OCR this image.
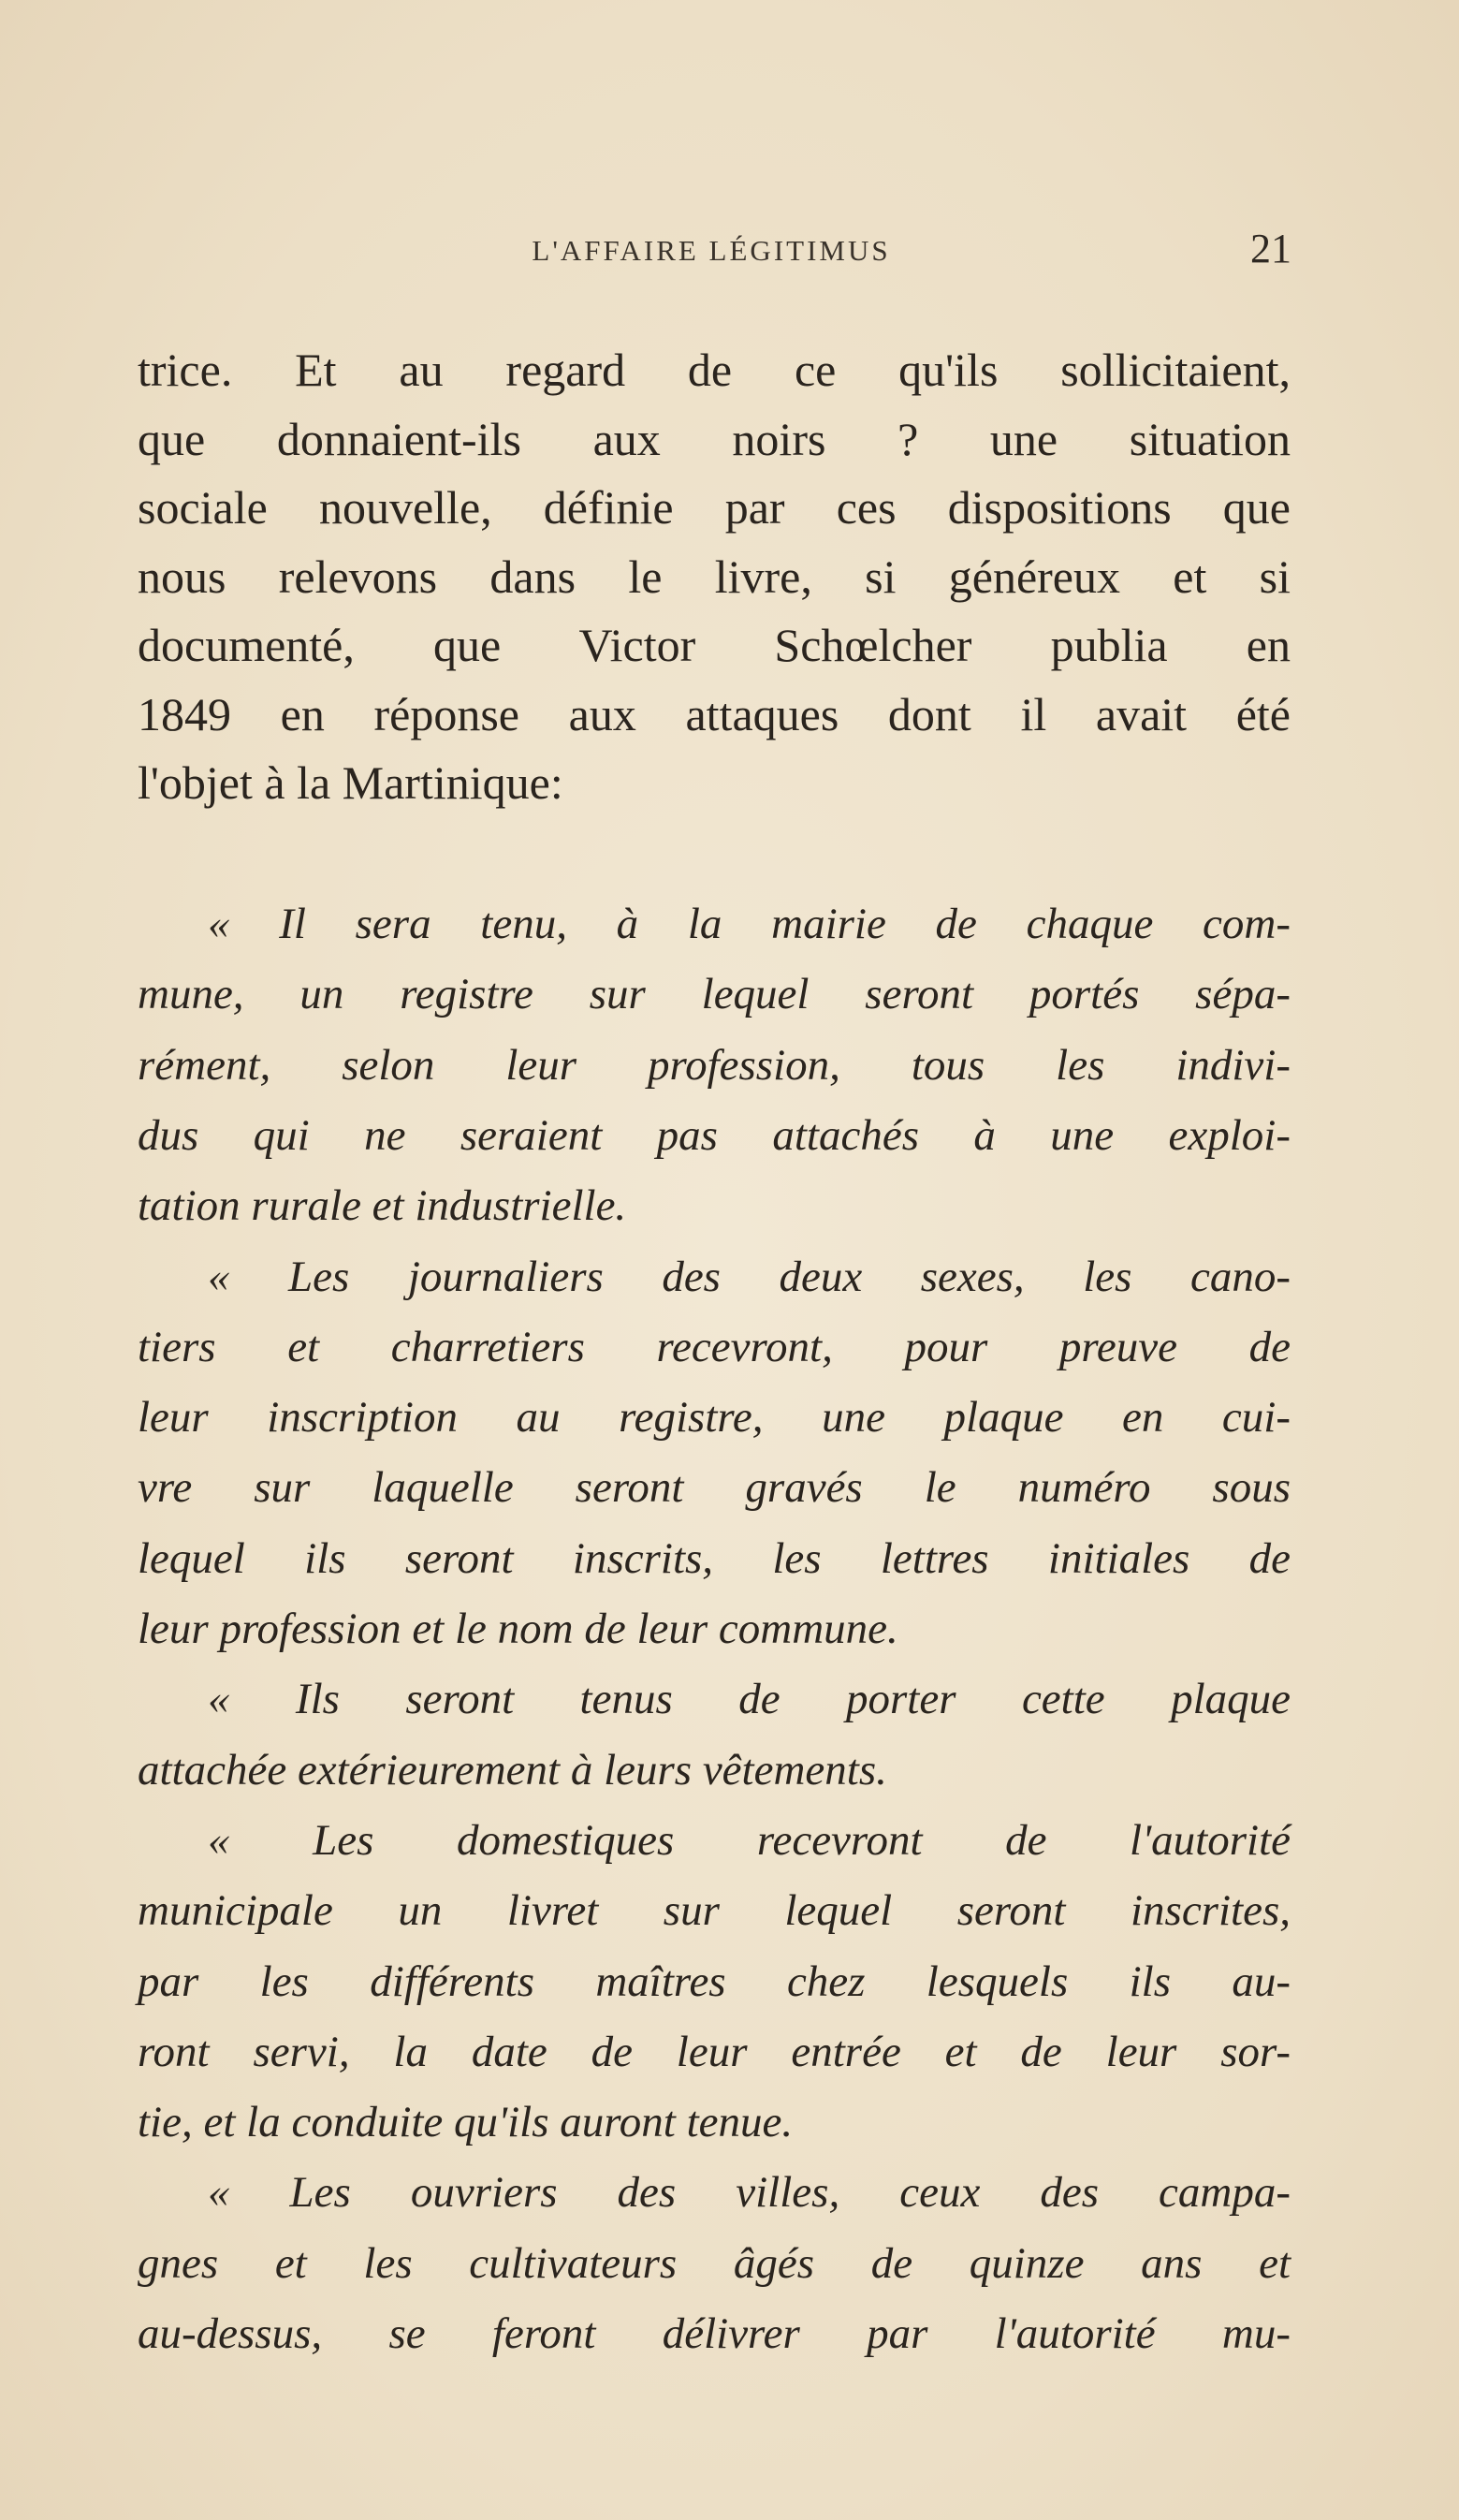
L'AFFAIRE LÉGITIMUS	21
trice. Et au regard de ce qu'ils sollicitaient,
que donnaient-ils aux noirs ? une situation
sociale nouvelle, définie par ces dispositions que
nous relevons dans le livre, si généreux et si
documenté, que Victor Schœlcher publia en
1849 en réponse aux attaques dont il avait été
l'objet à la Martinique:
« Il sera tenu, à la mairie de chaque com-
mune, un registre sur lequel seront portés sépa-
rément, selon leur profession, tous les indivi-
dus qui ne seraient pas attachés à une exploi-
tation rurale et industrielle.
« Les journaliers des deux sexes, les cano-
tiers et charretiers recevront, pour preuve de
leur inscription au registre, une plaque en cui-
vre sur laquelle seront gravés le numéro sous
lequel ils seront inscrits, les lettres initiales de
leur profession et le nom de leur commune.
« Ils seront tenus de porter cette plaque
attachée extérieurement à leurs vêtements.
« Les domestiques recevront de l'autorité
municipale un livret sur lequel seront inscrites,
par les différents maîtres chez lesquels ils au-
ront servi, la date de leur entrée et de leur sor-
tie, et la conduite qu'ils auront tenue.
« Les ouvriers des villes, ceux des campa-
gnes et les cultivateurs âgés de quinze ans et
au-dessus, se feront délivrer par l'autorité mu-
